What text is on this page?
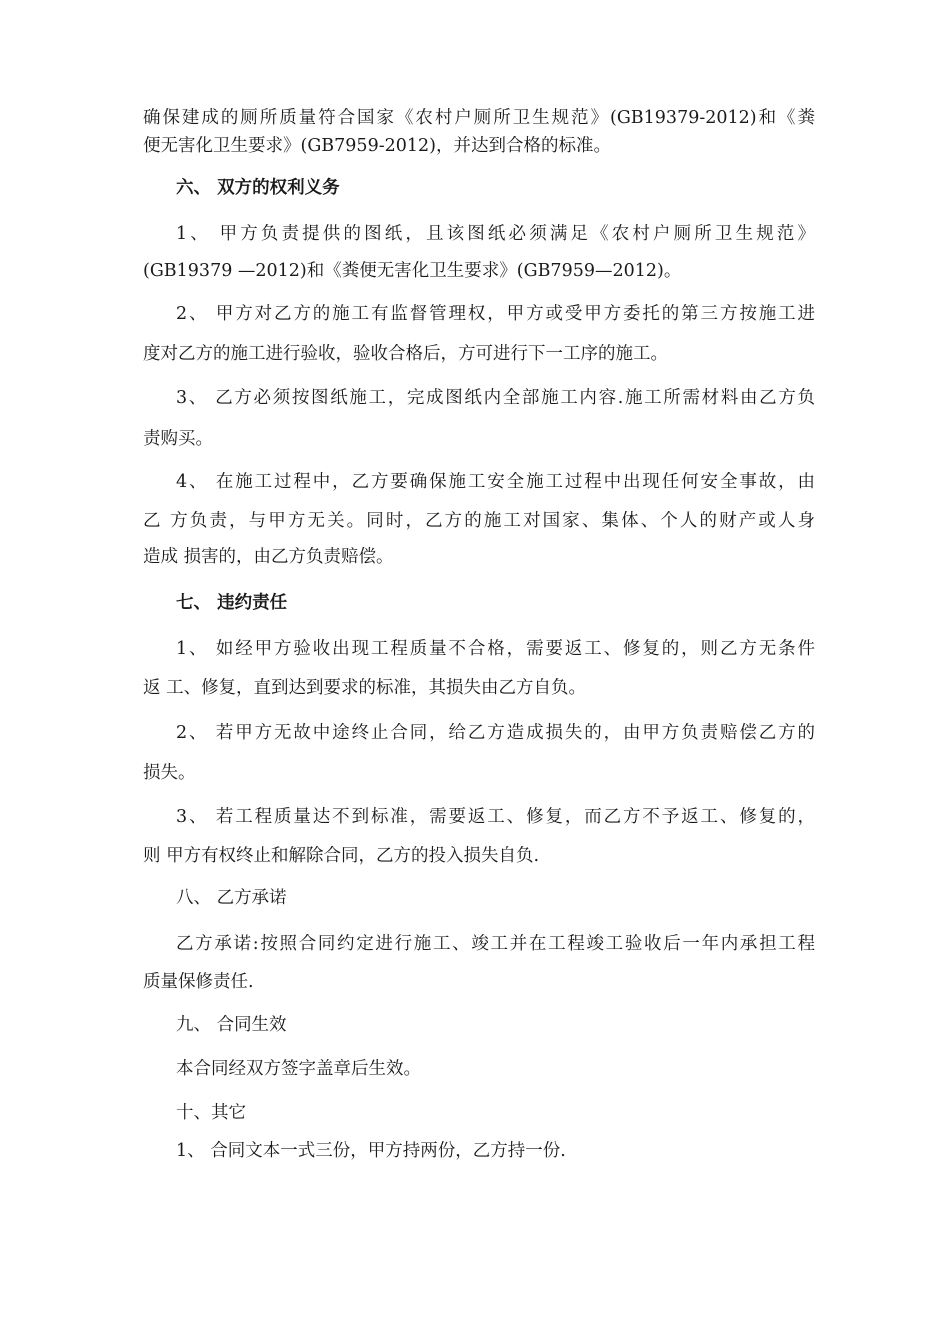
确保建成的厕所质量符合国家《农村户厕所卫生规范》(GB19379-2012)和《粪
便无害化卫生要求》(GB7959-2012)，并达到合格的标准。
六、 双方的权利义务
1、 甲方负责提供的图纸，且该图纸必须满足《农村户厕所卫生规范》
(GB19379 —2012)和《粪便无害化卫生要求》(GB7959—2012)。
2、 甲方对乙方的施工有监督管理权，甲方或受甲方委托的第三方按施工进
度对乙方的施工进行验收，验收合格后，方可进行下一工序的施工。
3、 乙方必须按图纸施工，完成图纸内全部施工内容.施工所需材料由乙方负
责购买。
4、 在施工过程中，乙方要确保施工安全施工过程中出现任何安全事故，由
乙 方负责，与甲方无关。同时，乙方的施工对国家、集体、个人的财产或人身
造成 损害的，由乙方负责赔偿。
七、 违约责任
1、 如经甲方验收出现工程质量不合格，需要返工、修复的，则乙方无条件
返 工、修复，直到达到要求的标准，其损失由乙方自负。
2、 若甲方无故中途终止合同，给乙方造成损失的，由甲方负责赔偿乙方的
损失。
3、 若工程质量达不到标准，需要返工、修复，而乙方不予返工、修复的，
则 甲方有权终止和解除合同，乙方的投入损失自负.
八、 乙方承诺
乙方承诺:按照合同约定进行施工、竣工并在工程竣工验收后一年内承担工程
质量保修责任.
九、 合同生效
本合同经双方签字盖章后生效。
十、其它
1、 合同文本一式三份，甲方持两份，乙方持一份.
